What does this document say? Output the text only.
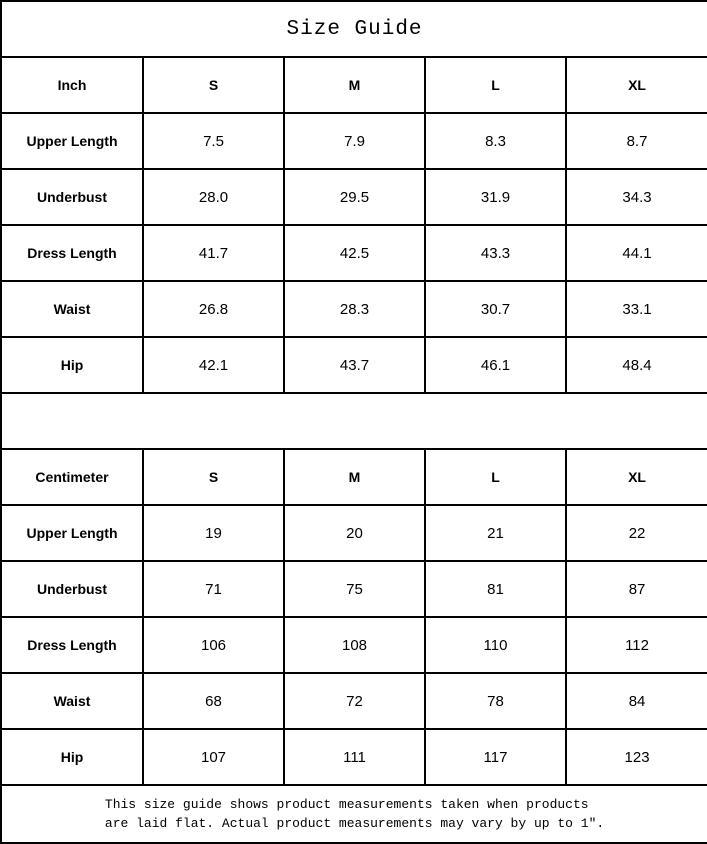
Size Guide				
Inch	S	M	L	XL
Upper Length	7.5	7.9	8.3	8.7
Underbust	28.0	29.5	31.9	34.3
Dress Length	41.7	42.5	43.3	44.1
Waist	26.8	28.3	30.7	33.1
Hip	42.1	43.7	46.1	48.4

Centimeter	S	M	L	XL
Upper Length	19	20	21	22
Underbust	71	75	81	87
Dress Length	106	108	110	112
Waist	68	72	78	84
Hip	107	111	117	123
This size guide shows product measurements taken when products
are laid flat. Actual product measurements may vary by up to 1″.				
